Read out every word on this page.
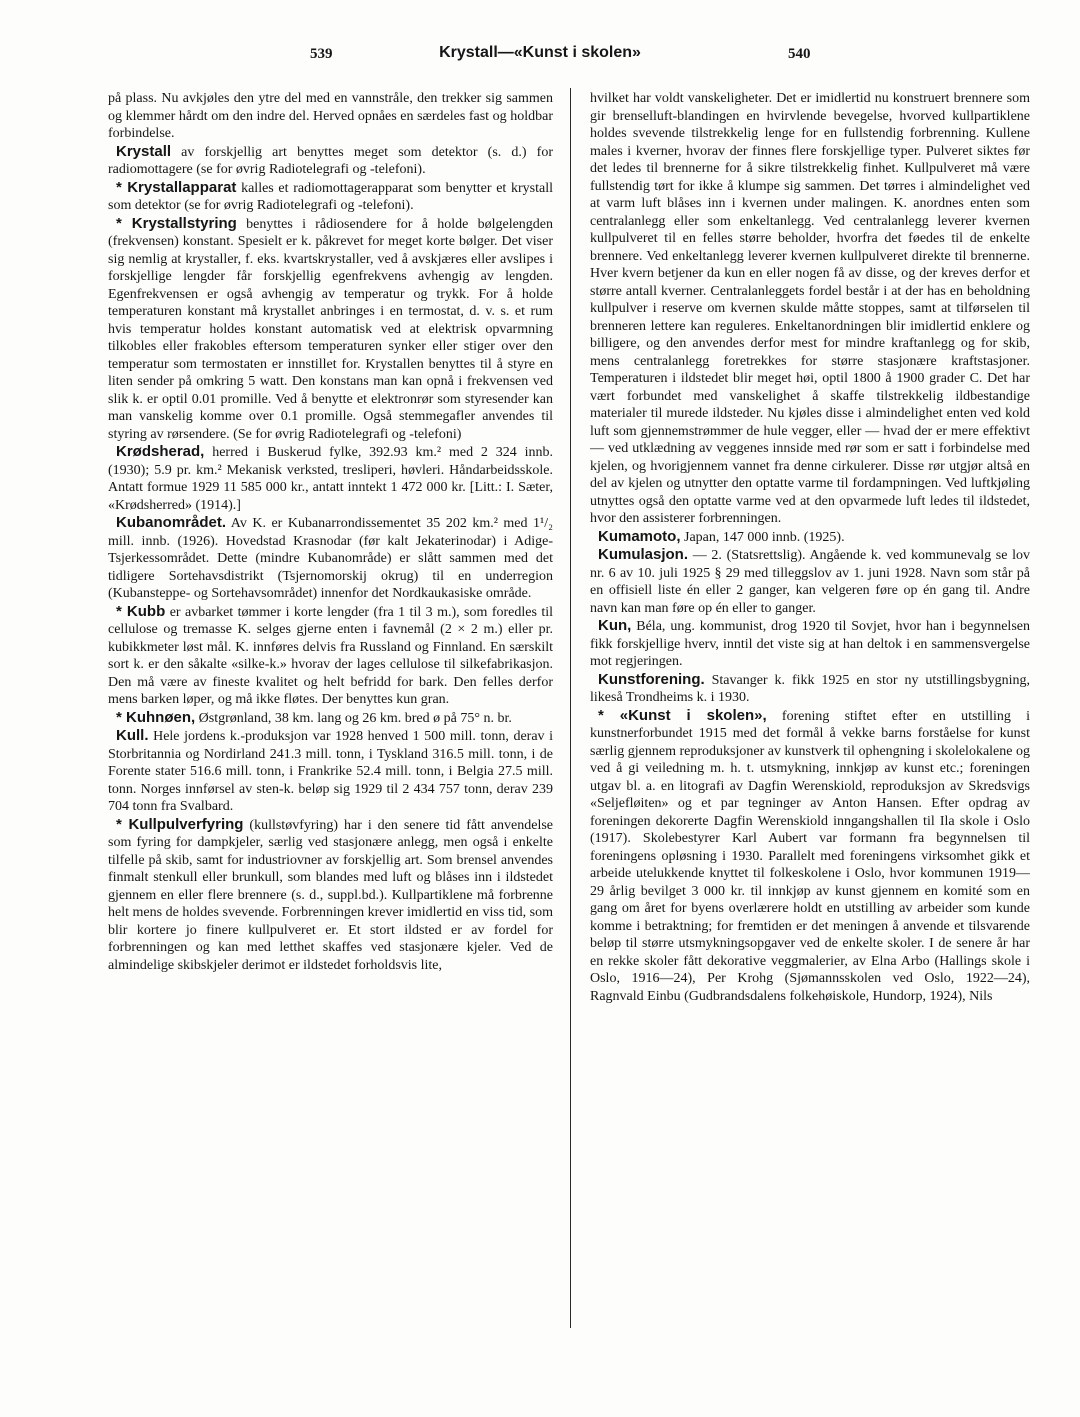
539	Krystall—«Kunst i skolen»	540

på plass. Nu avkjøles den ytre del med en vannstråle, den trekker sig sammen og klemmer hårdt om den indre del. Herved opnåes en særdeles fast og holdbar forbindelse.

Krystall av forskjellig art benyttes meget som detektor (s. d.) for radiomottagere (se for øvrig Radiotelegrafi og -telefoni).

* Krystallapparat kalles et radiomottagerapparat som benytter et krystall som detektor (se for øvrig Radiotelegrafi og -telefoni).

* Krystallstyring benyttes i rådiosendere for å holde bølgelengden (frekvensen) konstant. Spesielt er k. påkrevet for meget korte bølger. Det viser sig nemlig at krystaller, f. eks. kvartskrystaller, ved å avskjæres eller avslipes i forskjellige lengder får forskjellig egenfrekvens avhengig av lengden. Egenfrekvensen er også avhengig av temperatur og trykk. For å holde temperaturen konstant må krystallet anbringes i en termostat, d. v. s. et rum hvis temperatur holdes konstant automatisk ved at elektrisk opvarmning tilkobles eller frakobles eftersom temperaturen synker eller stiger over den temperatur som termostaten er innstillet for. Krystallen benyttes til å styre en liten sender på omkring 5 watt. Den konstans man kan opnå i frekvensen ved slik k. er optil 0.01 promille. Ved å benytte et elektronrør som styresender kan man vanskelig komme over 0.1 promille. Også stemmegafler anvendes til styring av rørsendere. (Se for øvrig Radiotelegrafi og -telefoni)

Krødsherad, herred i Buskerud fylke, 392.93 km.² med 2 324 innb. (1930); 5.9 pr. km.² Mekanisk verksted, tresliperi, høvleri. Håndarbeidsskole. Antatt formue 1929 11 585 000 kr., antatt inntekt 1 472 000 kr. [Litt.: I. Sæter, «Krødsherred» (1914).]

Kubanområdet. Av K. er Kubanarrondissementet 35 202 km.² med 1¹/₂ mill. innb. (1926). Hovedstad Krasnodar (før kalt Jekaterinodar) i Adige-Tsjerkessområdet. Dette (mindre Kubanområde) er slått sammen med det tidligere Sortehavsdistrikt (Tsjernomorskij okrug) til en underregion (Kubansteppe- og Sortehavsområdet) innenfor det Nordkaukasiske område.

* Kubb er avbarket tømmer i korte lengder (fra 1 til 3 m.), som foredles til cellulose og tremasse K. selges gjerne enten i favnemål (2 × 2 m.) eller pr. kubikkmeter løst mål. K. innføres delvis fra Russland og Finnland. En særskilt sort k. er den såkalte «silke-k.» hvorav der lages cellulose til silkefabrikasjon. Den må være av fineste kvalitet og helt befridd for bark. Den felles derfor mens barken løper, og må ikke fløtes. Der benyttes kun gran.

* Kuhnøen, Østgrønland, 38 km. lang og 26 km. bred ø på 75° n. br.

Kull. Hele jordens k.-produksjon var 1928 henved 1 500 mill. tonn, derav i Storbritannia og Nordirland 241.3 mill. tonn, i Tyskland 316.5 mill. tonn, i de Forente stater 516.6 mill. tonn, i Frankrike 52.4 mill. tonn, i Belgia 27.5 mill. tonn. Norges innførsel av sten-k. beløp sig 1929 til 2 434 757 tonn, derav 239 704 tonn fra Svalbard.

* Kullpulverfyring (kullstøvfyring) har i den senere tid fått anvendelse som fyring for dampkjeler, særlig ved stasjonære anlegg, men også i enkelte tilfelle på skib, samt for industriovner av forskjellig art. Som brensel anvendes finmalt stenkull eller brunkull, som blandes med luft og blåses inn i ildstedet gjennem en eller flere brennere (s. d., suppl.bd.). Kullpartiklene må forbrenne helt mens de holdes svevende. Forbrenningen krever imidlertid en viss tid, som blir kortere jo finere kullpulveret er. Et stort ildsted er av fordel for forbrenningen og kan med letthet skaffes ved stasjonære kjeler. Ved de almindelige skibskjeler derimot er ildstedet forholdsvis lite,

hvilket har voldt vanskeligheter. Det er imidlertid nu konstruert brennere som gir brenselluft-blandingen en hvirvlende bevegelse, hvorved kullpartiklene holdes svevende tilstrekkelig lenge for en fullstendig forbrenning. Kullene males i kverner, hvorav der finnes flere forskjellige typer. Pulveret siktes før det ledes til brennerne for å sikre tilstrekkelig finhet. Kullpulveret må være fullstendig tørt for ikke å klumpe sig sammen. Det tørres i almindelighet ved at varm luft blåses inn i kvernen under malingen. K. anordnes enten som centralanlegg eller som enkeltanlegg. Ved centralanlegg leverer kvernen kullpulveret til en felles større beholder, hvorfra det føedes til de enkelte brennere. Ved enkeltanlegg leverer kvernen kullpulveret direkte til brennerne. Hver kvern betjener da kun en eller nogen få av disse, og der kreves derfor et større antall kverner. Centralanleggets fordel består i at der has en beholdning kullpulver i reserve om kvernen skulde måtte stoppes, samt at tilførselen til brenneren lettere kan reguleres. Enkeltanordningen blir imidlertid enklere og billigere, og den anvendes derfor mest for mindre kraftanlegg og for skib, mens centralanlegg foretrekkes for større stasjonære kraftstasjoner. Temperaturen i ildstedet blir meget høi, optil 1800 å 1900 grader C. Det har vært forbundet med vanskelighet å skaffe tilstrekkelig ildbestandige materialer til murede ildsteder. Nu kjøles disse i almindelighet enten ved kold luft som gjennemstrømmer de hule vegger, eller — hvad der er mere effektivt — ved utklædning av veggenes innside med rør som er satt i forbindelse med kjelen, og hvorigjennem vannet fra denne cirkulerer. Disse rør utgjør altså en del av kjelen og utnytter den optatte varme til fordampningen. Ved luftkjøling utnyttes også den optatte varme ved at den opvarmede luft ledes til ildstedet, hvor den assisterer forbrenningen.

Kumamoto, Japan, 147 000 innb. (1925).

Kumulasjon. — 2. (Statsrettslig). Angående k. ved kommunevalg se lov nr. 6 av 10. juli 1925 § 29 med tilleggslov av 1. juni 1928. Navn som står på en offisiell liste én eller 2 ganger, kan velgeren føre op én gang til. Andre navn kan man føre op én eller to ganger.

Kun, Béla, ung. kommunist, drog 1920 til Sovjet, hvor han i begynnelsen fikk forskjellige hverv, inntil det viste sig at han deltok i en sammensvergelse mot regjeringen.

Kunstforening. Stavanger k. fikk 1925 en stor ny utstillingsbygning, likeså Trondheims k. i 1930.

* «Kunst i skolen», forening stiftet efter en utstilling i kunstnerforbundet 1915 med det formål å vekke barns forståelse for kunst særlig gjennem reproduksjoner av kunstverk til ophengning i skolelokalene og ved å gi veiledning m. h. t. utsmykning, innkjøp av kunst etc.; foreningen utgav bl. a. en litografi av Dagfin Werenskiold, reproduksjon av Skredsvigs «Seljefløiten» og et par tegninger av Anton Hansen. Efter opdrag av foreningen dekorerte Dagfin Werenskiold inngangshallen til Ila skole i Oslo (1917). Skolebestyrer Karl Aubert var formann fra begynnelsen til foreningens opløsning i 1930. Parallelt med foreningens virksomhet gikk et arbeide utelukkende knyttet til folkeskolene i Oslo, hvor kommunen 1919—29 årlig bevilget 3 000 kr. til innkjøp av kunst gjennem en komité som en gang om året for byens overlærere holdt en utstilling av arbeider som kunde komme i betraktning; for fremtiden er det meningen å anvende et tilsvarende beløp til større utsmykningsopgaver ved de enkelte skoler. I de senere år har en rekke skoler fått dekorative veggmalerier, av Elna Arbo (Hallings skole i Oslo, 1916—24), Per Krohg (Sjømannsskolen ved Oslo, 1922—24), Ragnvald Einbu (Gudbrandsdalens folkehøiskole, Hundorp, 1924), Nils
